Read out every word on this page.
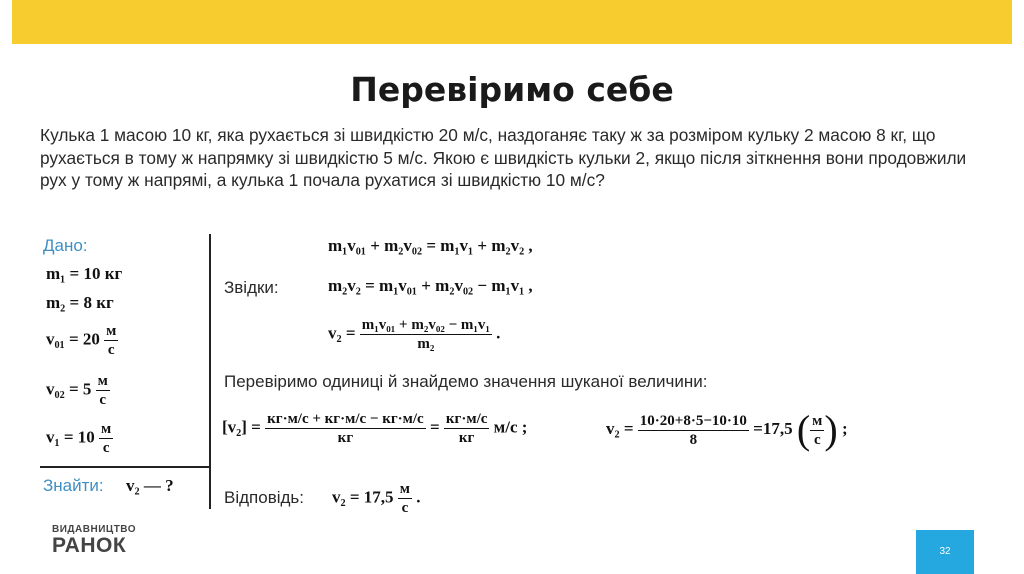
Перевіримо себе
Кулька 1 масою 10 кг, яка рухається зі швидкістю 20 м/с, наздоганяє таку ж за розміром кульку 2 масою 8 кг, що рухається в тому ж напрямку зі швидкістю 5 м/с. Якою є швидкість кульки 2, якщо після зіткнення вони продовжили рух у тому ж напрямі, а кулька 1 почала рухатися зі швидкістю 10 м/с?
Дано:
m₁ = 10 кг
m₂ = 8 кг
$v_{01} = 20 \frac{м}{с}$
$v_{02} = 5 \frac{м}{с}$
$v_1 = 10 \frac{м}{с}$
Знайти: v₂ — ?
m₁v₀₁ + m₂v₀₂ = m₁v₁ + m₂v₂ ,
Звідки:	m₂v₂ = m₁v₀₁ + m₂v₀₂ − m₁v₁ ,
$v_2 = \frac{\text{m₁v₀₁ + m₂v₀₂ − m₁v₁}}{\text{m₂}}$ .
Перевіримо одиниці й знайдемо значення шуканої величини:
$[v_2] = \frac{кг\cdot м/с + кг\cdot м/с - кг\cdot м/с}{кг} = \frac{кг\cdot м/с}{кг} м/с$ ;	$v_2 = \frac{10\cdot 20+8\cdot 5-10\cdot 10}{8} =17,5$ ( $\frac{м}{с}$ ) ;
Відповідь: $v_2 = 17,5 \frac{м}{с}$ .
ВИДАВНИЦТВО
РАНОК	32
